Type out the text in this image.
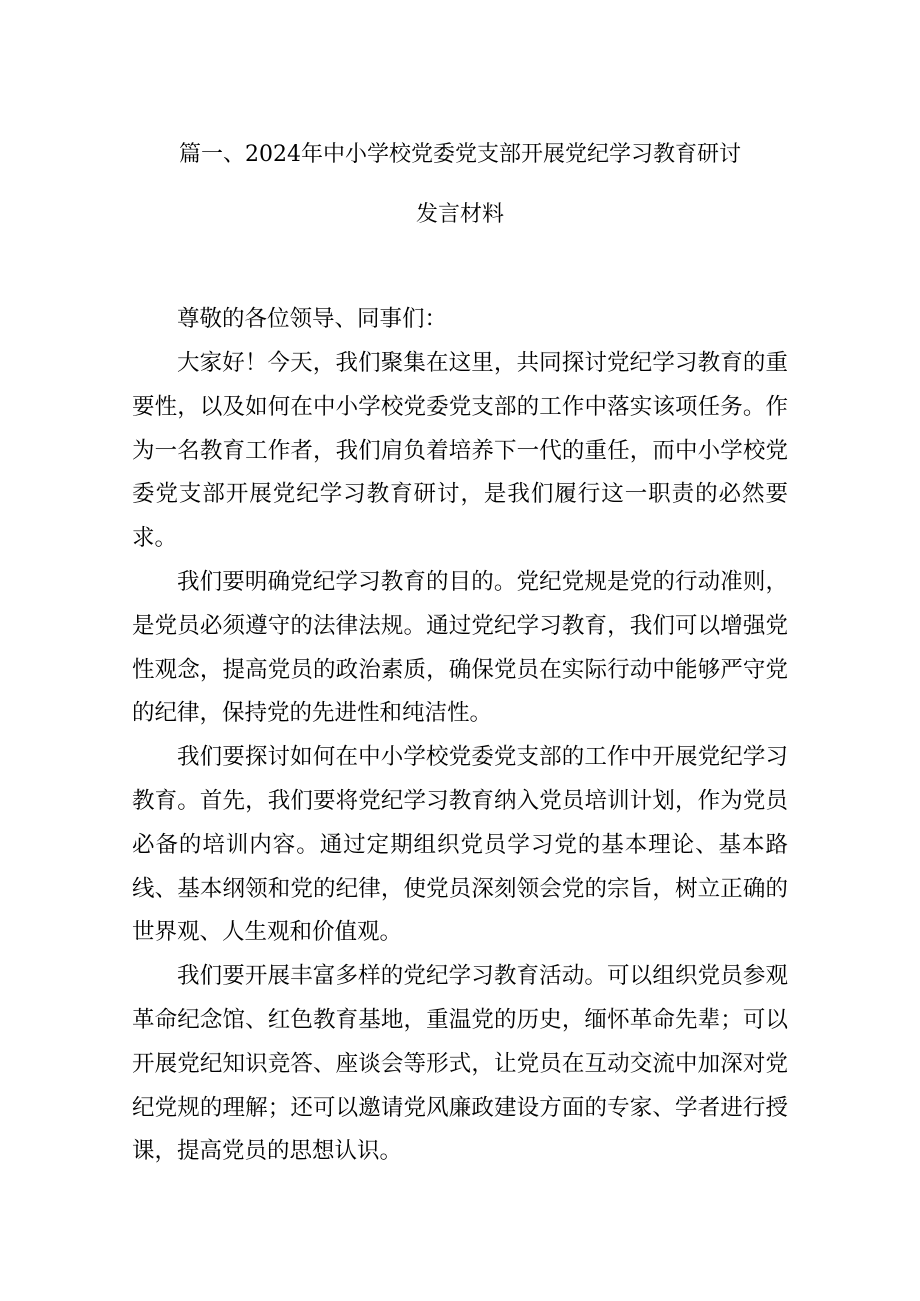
篇一、2024年中小学校党委党支部开展党纪学习教育研讨
发言材料
尊敬的各位领导、同事们：

大家好！今天，我们聚集在这里，共同探讨党纪学习教育的重要性，以及如何在中小学校党委党支部的工作中落实该项任务。作为一名教育工作者，我们肩负着培养下一代的重任，而中小学校党委党支部开展党纪学习教育研讨，是我们履行这一职责的必然要求。

我们要明确党纪学习教育的目的。党纪党规是党的行动准则，是党员必须遵守的法律法规。通过党纪学习教育，我们可以增强党性观念，提高党员的政治素质，确保党员在实际行动中能够严守党的纪律，保持党的先进性和纯洁性。

我们要探讨如何在中小学校党委党支部的工作中开展党纪学习教育。首先，我们要将党纪学习教育纳入党员培训计划，作为党员必备的培训内容。通过定期组织党员学习党的基本理论、基本路线、基本纲领和党的纪律，使党员深刻领会党的宗旨，树立正确的世界观、人生观和价值观。

我们要开展丰富多样的党纪学习教育活动。可以组织党员参观革命纪念馆、红色教育基地，重温党的历史，缅怀革命先辈；可以开展党纪知识竞答、座谈会等形式，让党员在互动交流中加深对党纪党规的理解；还可以邀请党风廉政建设方面的专家、学者进行授课，提高党员的思想认识。
